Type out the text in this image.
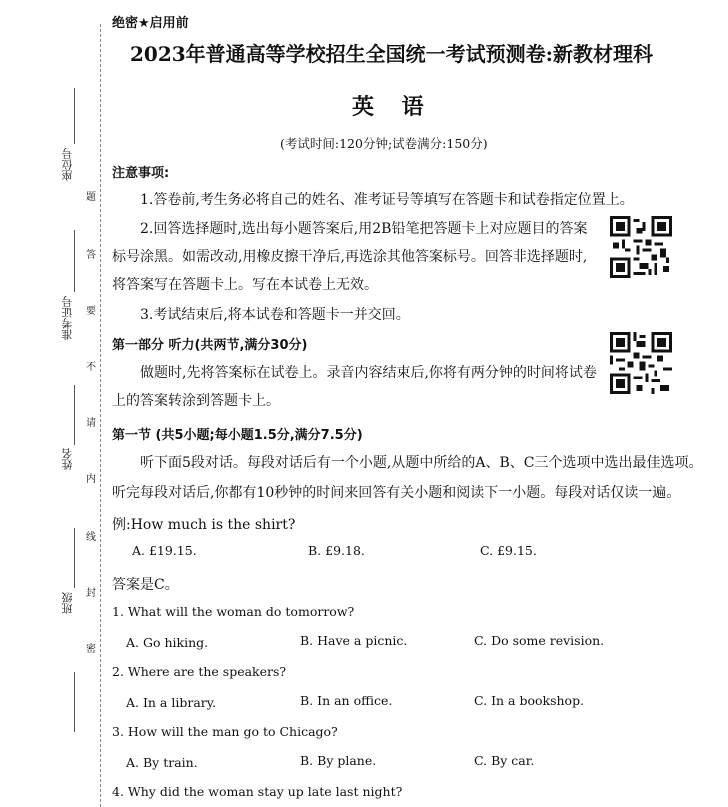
座位号
准考证号
姓名
班级
题
答
要
不
请
内
线
封
密
绝密★启用前
2023年普通高等学校招生全国统一考试预测卷:新教材理科
英 语
(考试时间:120分钟;试卷满分:150分)
注意事项:
1.答卷前,考生务必将自己的姓名、准考证号等填写在答题卡和试卷指定位置上。
2.回答选择题时,选出每小题答案后,用2B铅笔把答题卡上对应题目的答案
标号涂黑。如需改动,用橡皮擦干净后,再选涂其他答案标号。回答非选择题时,
将答案写在答题卡上。写在本试卷上无效。
3.考试结束后,将本试卷和答题卡一并交回。
第一部分 听力(共两节,满分30分)
做题时,先将答案标在试卷上。录音内容结束后,你将有两分钟的时间将试卷
上的答案转涂到答题卡上。
第一节 (共5小题;每小题1.5分,满分7.5分)
听下面5段对话。每段对话后有一个小题,从题中所给的A、B、C三个选项中选出最佳选项。
听完每段对话后,你都有10秒钟的时间来回答有关小题和阅读下一小题。每段对话仅读一遍。
例:How much is the shirt?
A. £19.15.	B. £9.18.	C. £9.15.
答案是C。
1. What will the woman do tomorrow?
A. Go hiking.	B. Have a picnic.	C. Do some revision.
2. Where are the speakers?
A. In a library.	B. In an office.	C. In a bookshop.
3. How will the man go to Chicago?
A. By train.	B. By plane.	C. By car.
4. Why did the woman stay up late last night?
